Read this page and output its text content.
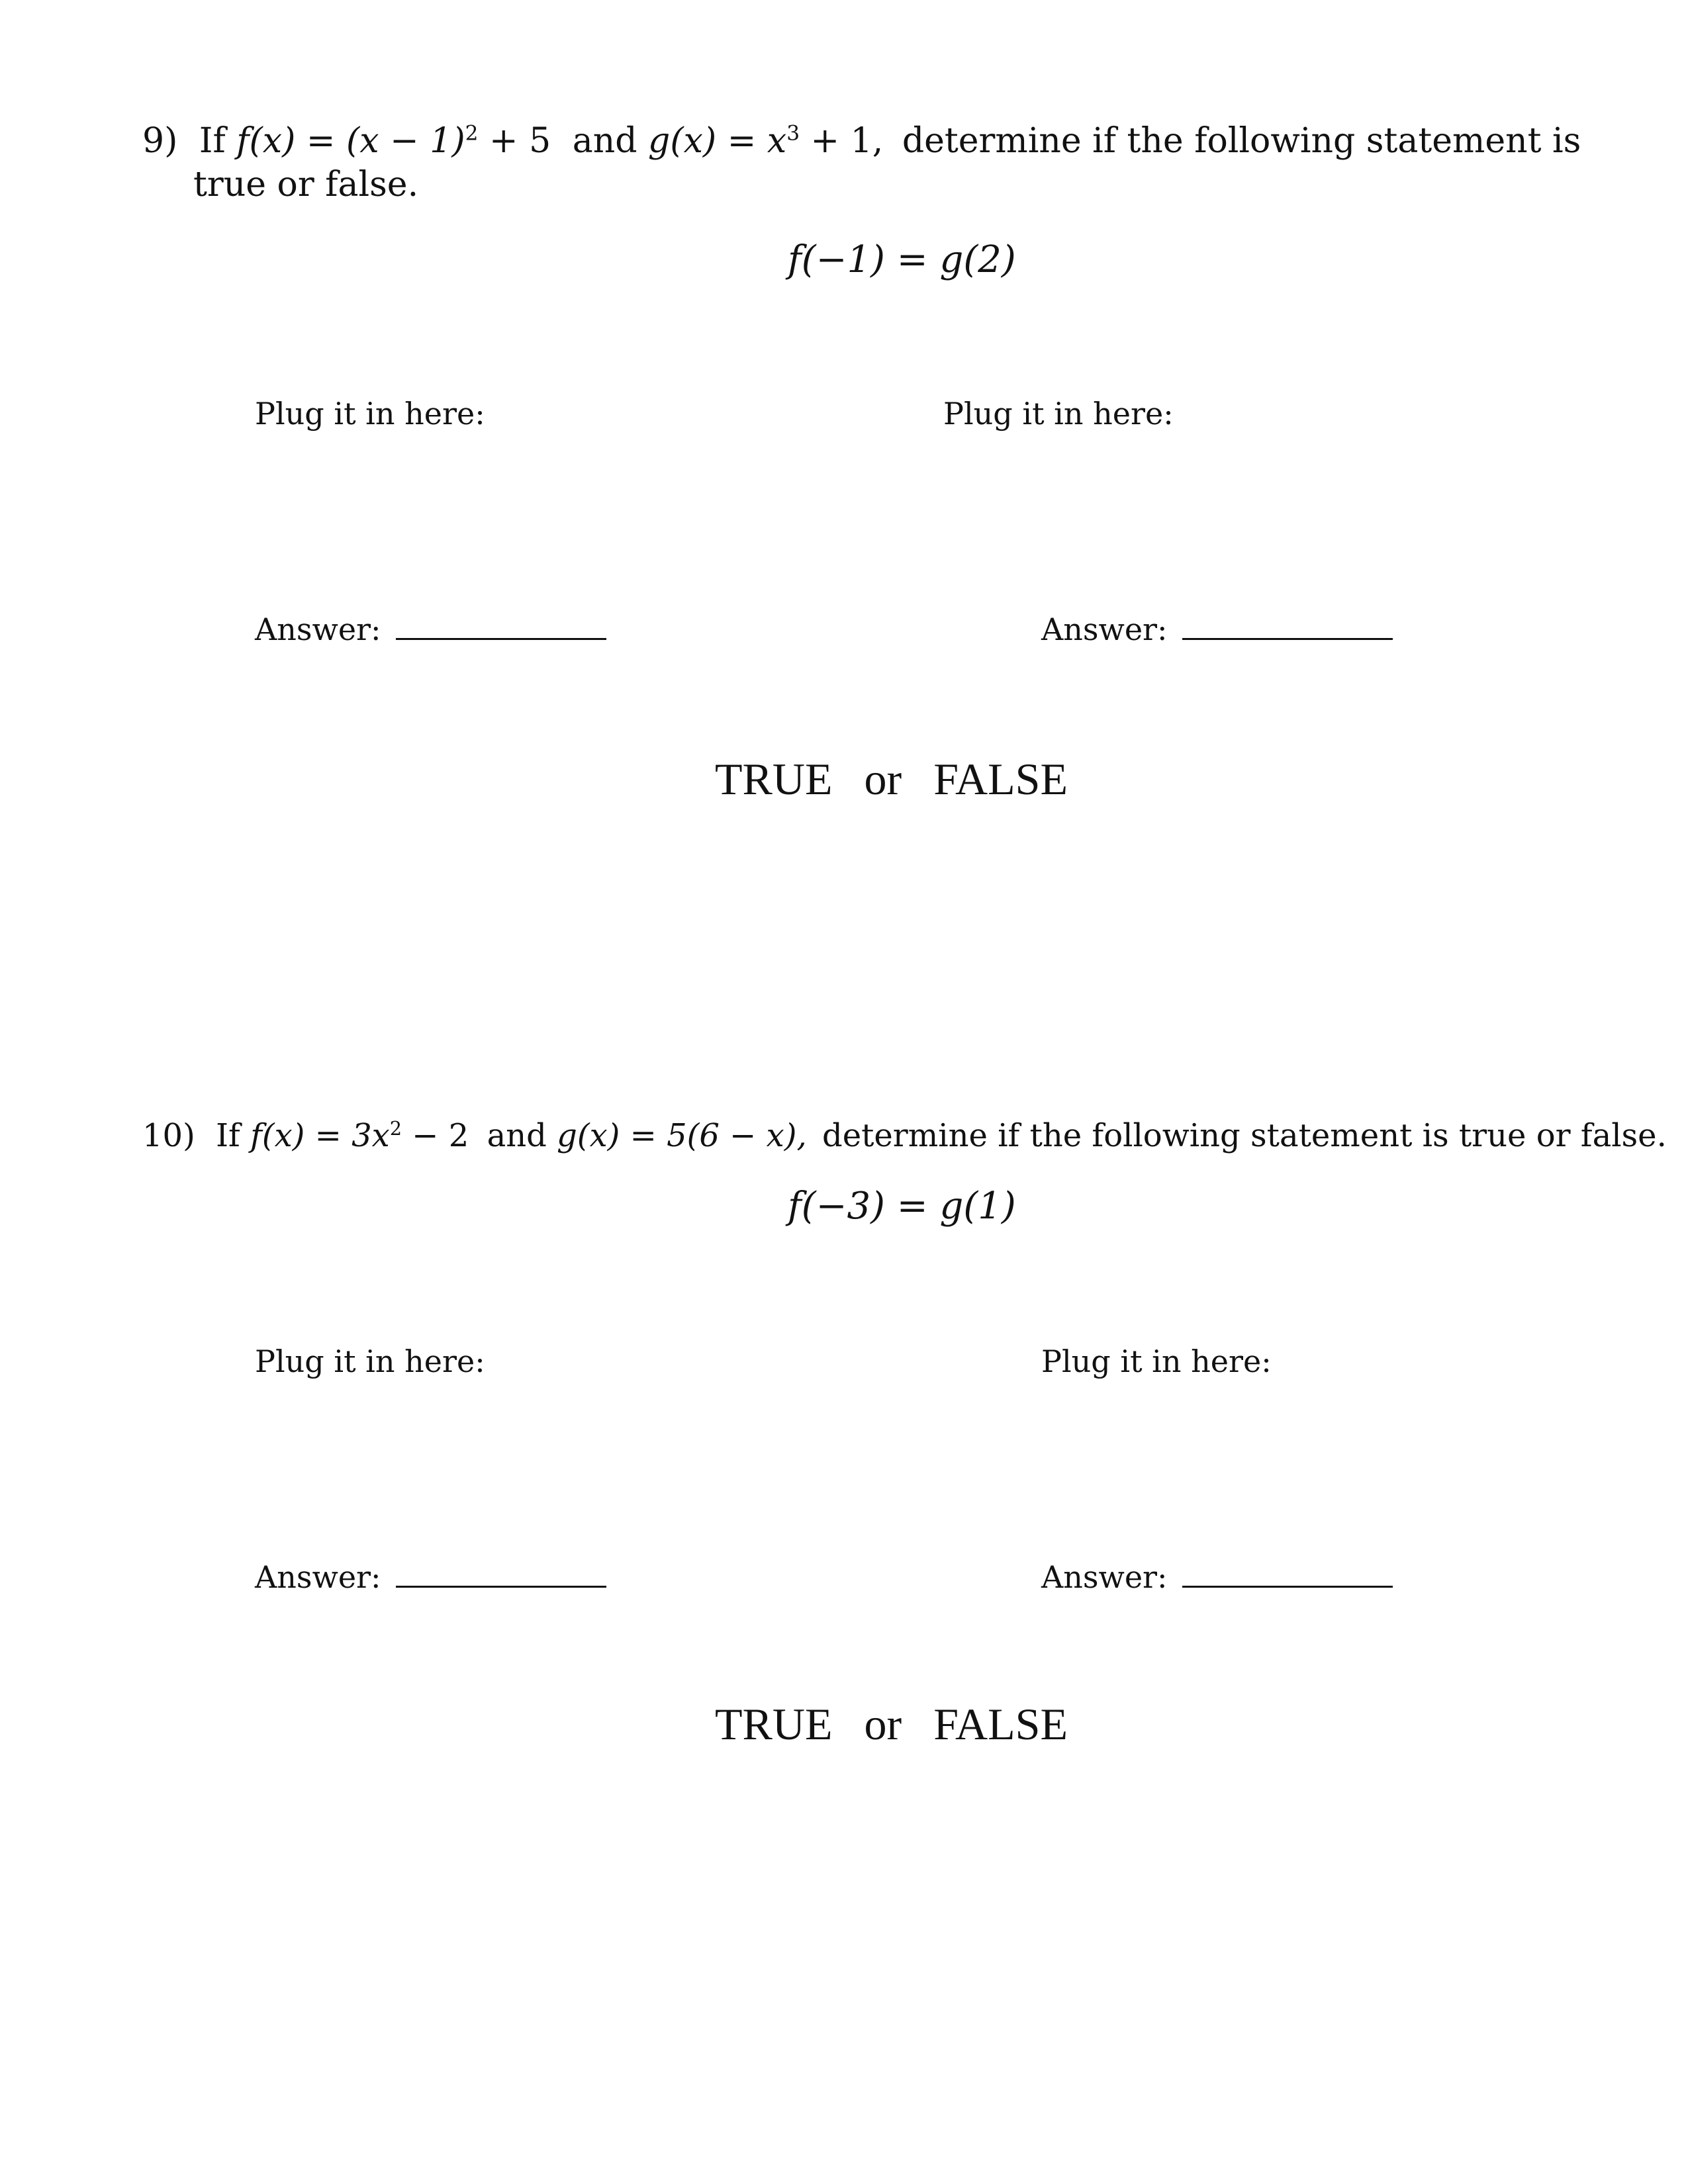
9) If $f(x) = (x - 1)^2 + 5$ and $g(x) = x^3 + 1$, determine if the following statement is
true or false.
f(−1) = g(2)
Plug it in here:	Plug it in here:
Answer:	Answer:
TRUE or FALSE
10) If $f(x) = 3x^2 - 2$ and g(x) = 5(6 − x), determine if the following statement is true or false.
f(−3) = g(1)
Plug it in here:	Plug it in here:
Answer:	Answer:
TRUE or FALSE
